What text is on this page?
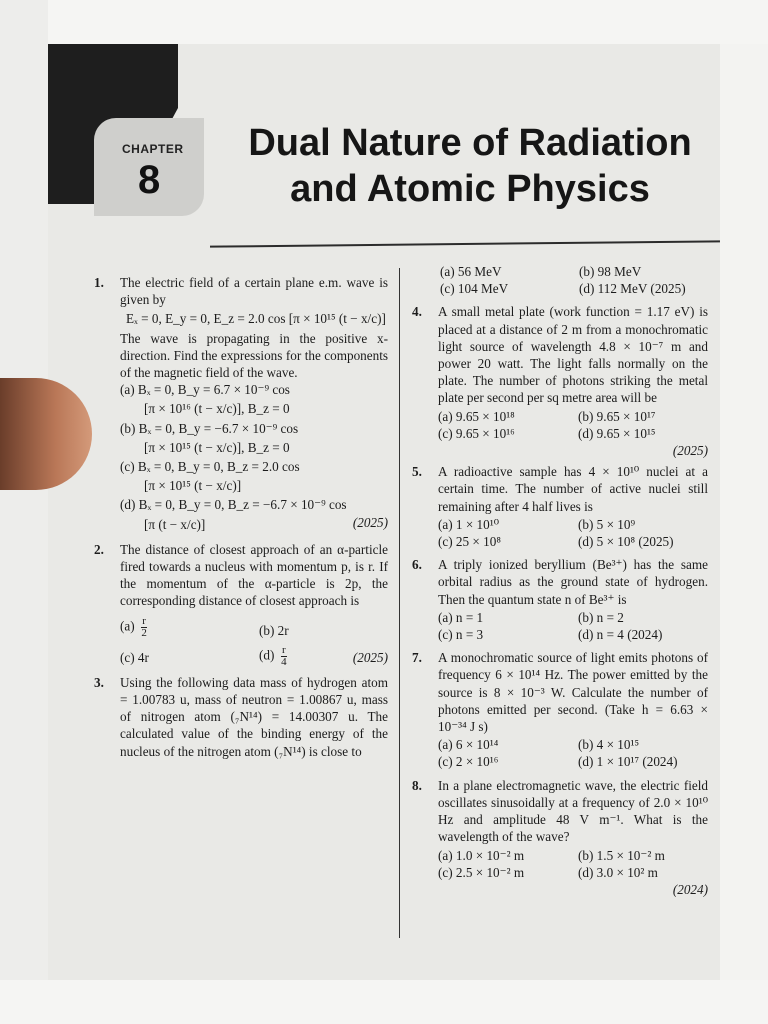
CHAPTER
8
Dual Nature of Radiation
and Atomic Physics
1.	The electric field of a certain plane e.m. wave is given by
Eₓ = 0, E_y = 0, E_z = 2.0 cos [π × 10¹⁵ (t − x/c)]
The wave is propagating in the positive x-direction. Find the expressions for the components of the magnetic field of the wave.
(a) Bₓ = 0, B_y = 6.7 × 10⁻⁹ cos
[π × 10¹⁶ (t − x/c)], B_z = 0
(b) Bₓ = 0, B_y = −6.7 × 10⁻⁹ cos
[π × 10¹⁵ (t − x/c)], B_z = 0
(c) Bₓ = 0, B_y = 0, B_z = 2.0 cos
[π × 10¹⁵ (t − x/c)]
(d) Bₓ = 0, B_y = 0, B_z = −6.7 × 10⁻⁹ cos
[π (t − x/c)]	(2025)
2.	The distance of closest approach of an α-particle fired towards a nucleus with momentum p, is r. If the momentum of the α-particle is 2p, the corresponding distance of closest approach is
$(a) \frac{r}{2}$	(b) 2r
(c) 4r	$(d) \frac{r}{4}$	(2025)
3.	Using the following data mass of hydrogen atom = 1.00783 u, mass of neutron = 1.00867 u, mass of nitrogen atom (₇N¹⁴) = 14.00307 u. The calculated value of the binding energy of the nucleus of the nitrogen atom (₇N¹⁴) is close to
(a) 56 MeV	(b) 98 MeV
(c) 104 MeV	(d) 112 MeV (2025)
4.	A small metal plate (work function = 1.17 eV) is placed at a distance of 2 m from a monochromatic light source of wavelength 4.8 × 10⁻⁷ m and power 20 watt. The light falls normally on the plate. The number of photons striking the metal plate per second per sq metre area will be
(a) 9.65 × 10¹⁸	(b) 9.65 × 10¹⁷
(c) 9.65 × 10¹⁶	(d) 9.65 × 10¹⁵
(2025)
5.	A radioactive sample has 4 × 10¹⁰ nuclei at a certain time. The number of active nuclei still remaining after 4 half lives is
(a) 1 × 10¹⁰	(b) 5 × 10⁹
(c) 25 × 10⁸	(d) 5 × 10⁸ (2025)
6.	A triply ionized beryllium (Be³⁺) has the same orbital radius as the ground state of hydrogen. Then the quantum state n of Be³⁺ is
(a) n = 1	(b) n = 2
(c) n = 3	(d) n = 4 (2024)
7.	A monochromatic source of light emits photons of frequency 6 × 10¹⁴ Hz. The power emitted by the source is 8 × 10⁻³ W. Calculate the number of photons emitted per second. (Take h = 6.63 × 10⁻³⁴ J s)
(a) 6 × 10¹⁴	(b) 4 × 10¹⁵
(c) 2 × 10¹⁶	(d) 1 × 10¹⁷ (2024)
8.	In a plane electromagnetic wave, the electric field oscillates sinusoidally at a frequency of 2.0 × 10¹⁰ Hz and amplitude 48 V m⁻¹. What is the wavelength of the wave?
(a) 1.0 × 10⁻² m	(b) 1.5 × 10⁻² m
(c) 2.5 × 10⁻² m	(d) 3.0 × 10² m
(2024)
